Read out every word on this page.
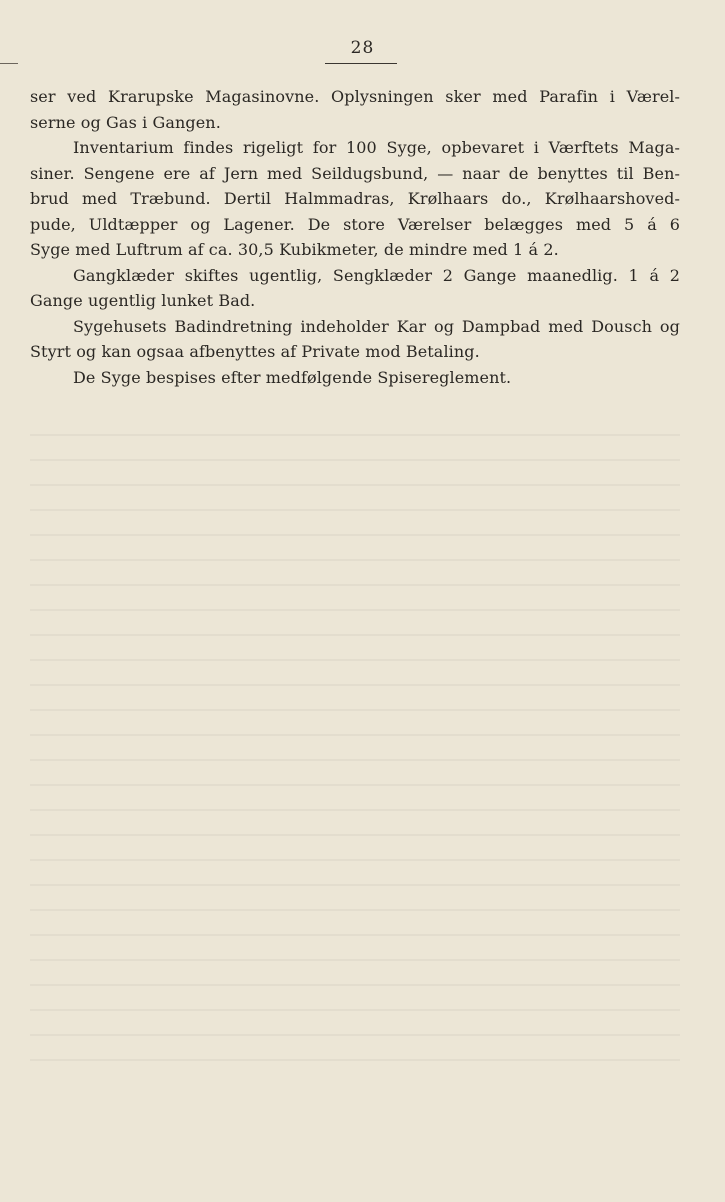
28
ser ved Krarupske Magasinovne. Oplysningen sker med Parafin i Værel-
serne og Gas i Gangen.
Inventarium findes rigeligt for 100 Syge, opbevaret i Værftets Maga-
siner. Sengene ere af Jern med Seildugsbund, — naar de benyttes til Ben-
brud med Træbund. Dertil Halmmadras, Krølhaars do., Krølhaarshoved-
pude, Uldtæpper og Lagener. De store Værelser belægges med 5 á 6
Syge med Luftrum af ca. 30,5 Kubikmeter, de mindre med 1 á 2.
Gangklæder skiftes ugentlig, Sengklæder 2 Gange maanedlig. 1 á 2
Gange ugentlig lunket Bad.
Sygehusets Badindretning indeholder Kar og Dampbad med Dousch og
Styrt og kan ogsaa afbenyttes af Private mod Betaling.
De Syge bespises efter medfølgende Spisereglement.
